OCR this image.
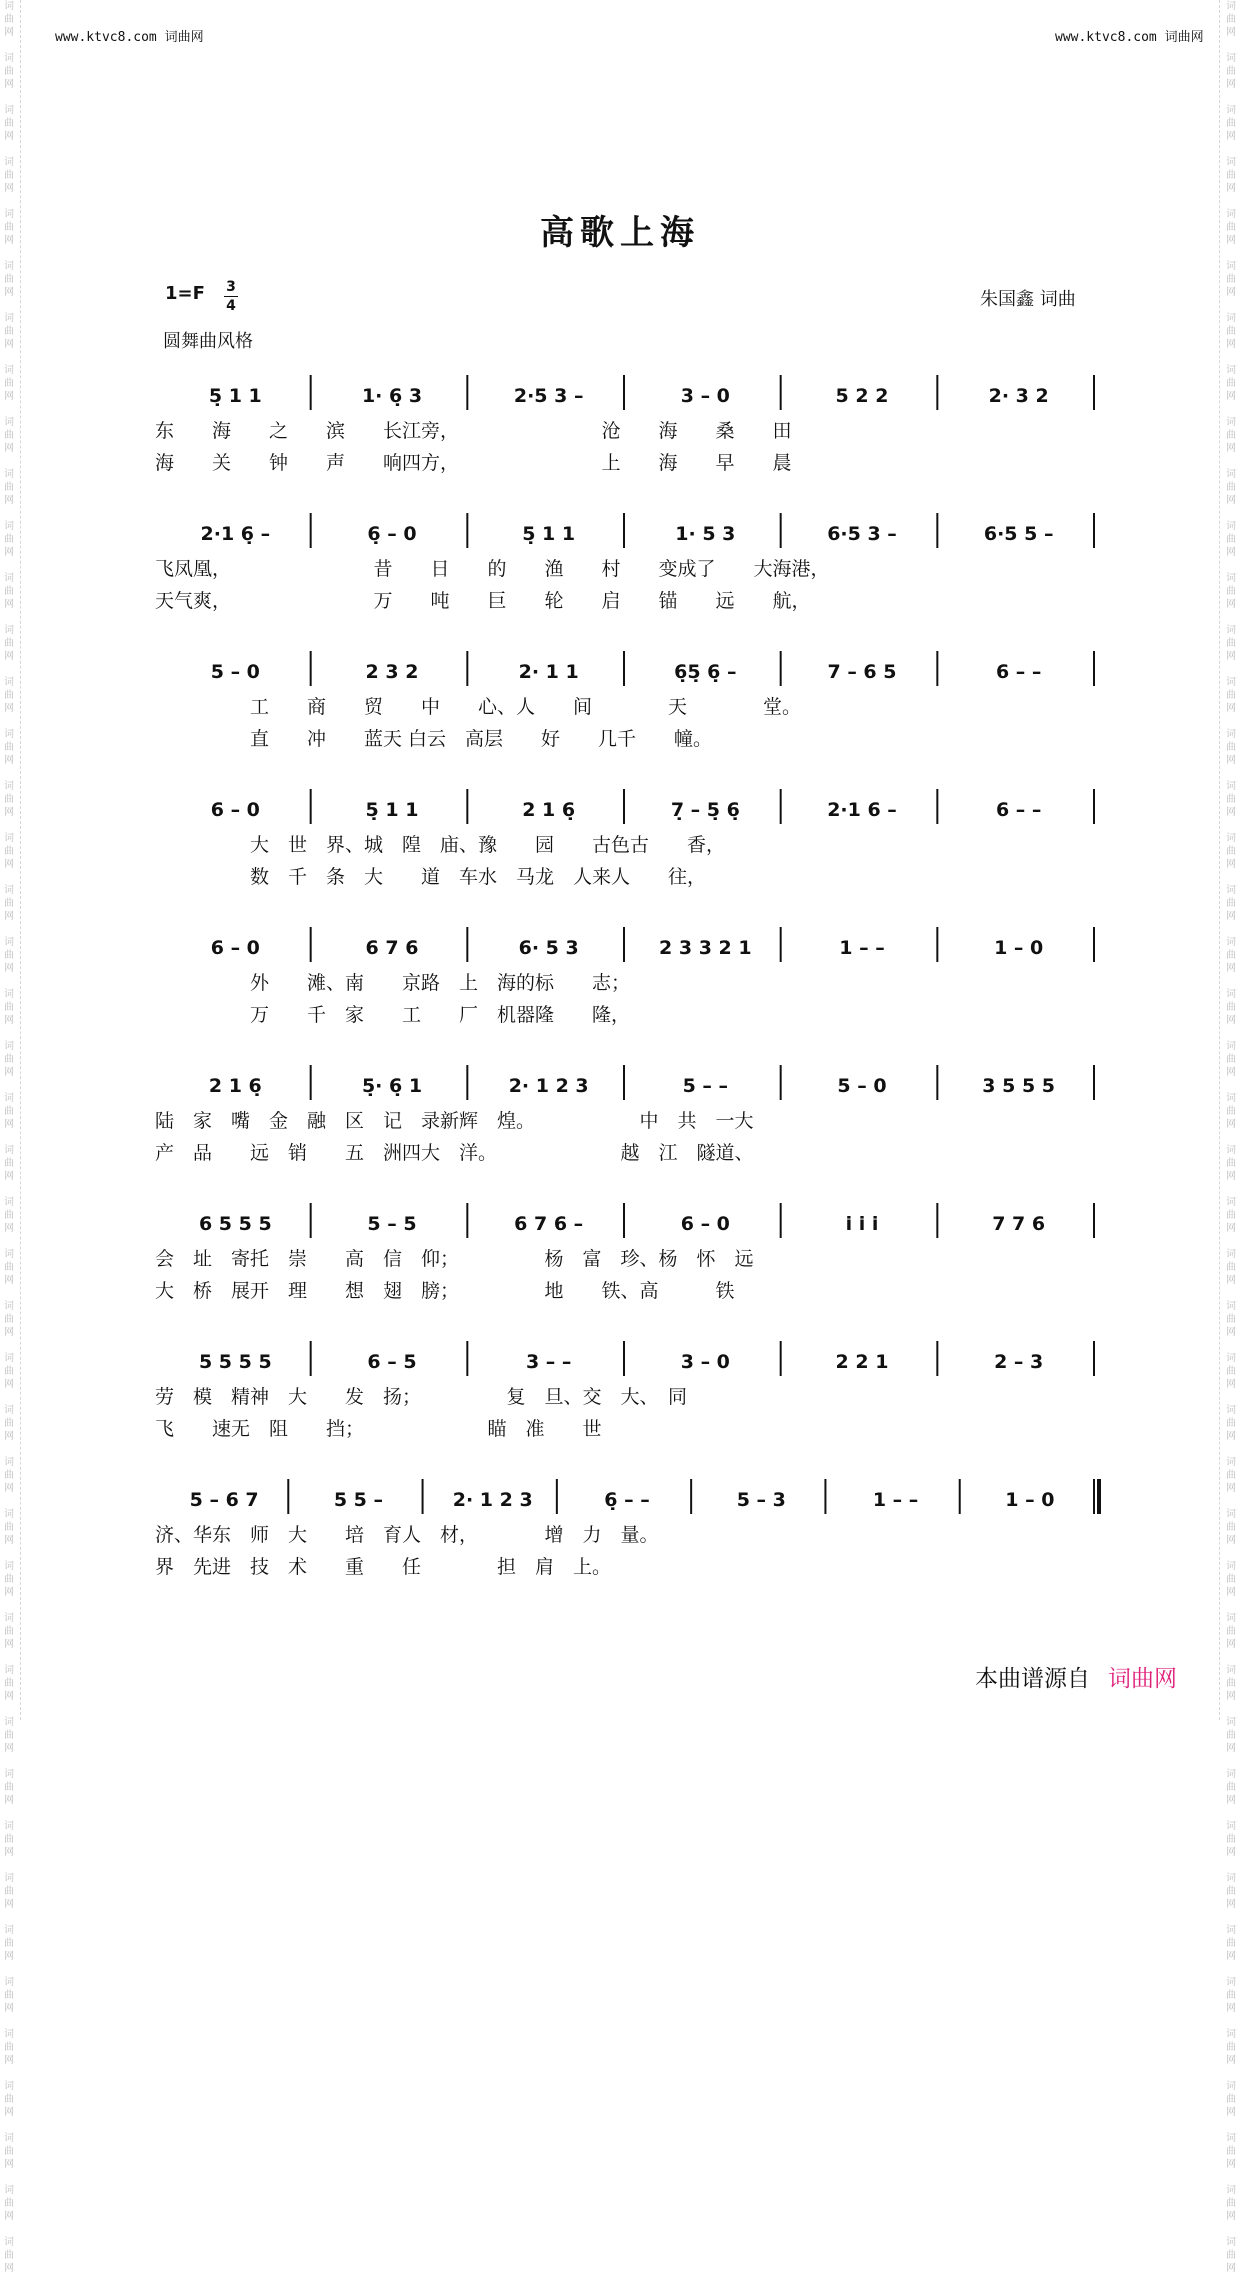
词
曲
网

词
曲
网

词
曲
网

词
曲
网

词
曲
网

词
曲
网

词
曲
网

词
曲
网

词
曲
网

词
曲
网

词
曲
网

词
曲
网

词
曲
网

词
曲
网

词
曲
网

词
曲
网

词
曲
网

词
曲
网

词
曲
网

词
曲
网

词
曲
网

词
曲
网

词
曲
网

词
曲
网

词
曲
网

词
曲
网

词
曲
网

词
曲
网

词
曲
网

词
曲
网

词
曲
网

词
曲
网

词
曲
网

词
曲
网

词
曲
网

词
曲
网

词
曲
网

词
曲
网

词
曲
网

词
曲
网

词
曲
网

词
曲
网

词
曲
网

词
曲
网

词
曲
网

词
曲
网

词
曲
网

词
曲
网

词
曲
网

词
曲
网

词
曲
网

词
曲
网

词
曲
网

词
曲
网

词
曲
网

词
曲
网

词
曲
网

词
曲
网

词
曲
网

词
曲
网

词
曲
网

词
曲
网

词
曲
网

词
曲
网

词
曲
网

词
曲
网

词
曲
网

词
曲
网

词
曲
网

词
曲
网

词
曲
网

词
曲
网

词
曲
网

词
曲
网

词
曲
网

词
曲
网

词
曲
网

词
曲
网

词
曲
网

词
曲
网

词
曲
网

词
曲
网

词
曲
网

词
曲
网

词
曲
网

词
曲
网

词
曲
网

词
曲
网

www.ktvc8.com 词曲网	www.ktvc8.com 词曲网
高歌上海
1=F 3
4	朱国鑫 词曲
圆舞曲风格
5̣ 1 1	1· 6̣ 3	2·5 3 –	3 – 0	5 2 2	2· 3 2
东　　海　　之　　滨　　长江旁，　　　　　　　　沧　　海　　桑　　田
海　　关　　钟　　声　　响四方，　　　　　　　　上　　海　　早　　晨
2·1 6̣ –	6̣ – 0	5̣ 1 1	1· 5 3	6·5 3 –	6·5 5 –
飞凤凰，　　　　　　　　昔　　日　　的　　渔　　村　　变成了　　大海港，
天气爽，　　　　　　　　万　　吨　　巨　　轮　　启　　锚　　远　　航，
5 – 0	2 3 2	2· 1 1	6̣5̣ 6̣ –	7 – 6 5	6 – –
　　　　　工　　商　　贸　　中　　心、人　　间　　　　天　　　　堂。
　　　　　直　　冲　　蓝天 白云　高层　　好　　几千　　幢。
6 – 0	5̣ 1 1	2 1 6̣	7̣ – 5̣ 6̣	2·1 6 –	6 – –
　　　　　大　世　界、城　隍　庙、豫　　园　　古色古　　香，
　　　　　数　千　条　大　　道　车水　马龙　人来人　　往，
6 – 0	6 7 6	6· 5 3	2 3 3 2 1	1 – –	1 – 0
　　　　　外　　滩、南　　京路　上　海的标　　志；
　　　　　万　　千　家　　工　　厂　机器隆　　隆，
2 1 6̣	5̣· 6̣ 1	2· 1 2 3	5 – –	5 – 0	3 5 5 5
陆　家　嘴　金　融　区　记　录新辉　煌。　　　　　　中　共　一大
产　品　　远　销　　五　洲四大　洋。　　　　　　　越　江　隧道、
6 5 5 5	5 – 5	6 7 6 –	6 – 0	i i i	7 7 6
会　址　寄托　崇　　高　信　仰；　　　　　杨　富　珍、杨　怀　远
大　桥　展开　理　　想　翅　膀；　　　　　地　　铁、高　　　铁
5 5 5 5	6 – 5	3 – –	3 – 0	2 2 1	2 – 3
劳　模　精神　大　　发　扬；　　　　　复　旦、交　大、　同
飞　　速无　阻　　挡；　　　　　　　瞄　准　　世
5 – 6 7	5 5 –	2· 1 2 3	6̣ – –	5 – 3	1 – –	1 – 0
济、华东　师　大　　培　育人　材，　　　　增　力　量。
界　先进　技　术　　重　　任　　　　担　肩　上。
本曲谱源自 词曲网
